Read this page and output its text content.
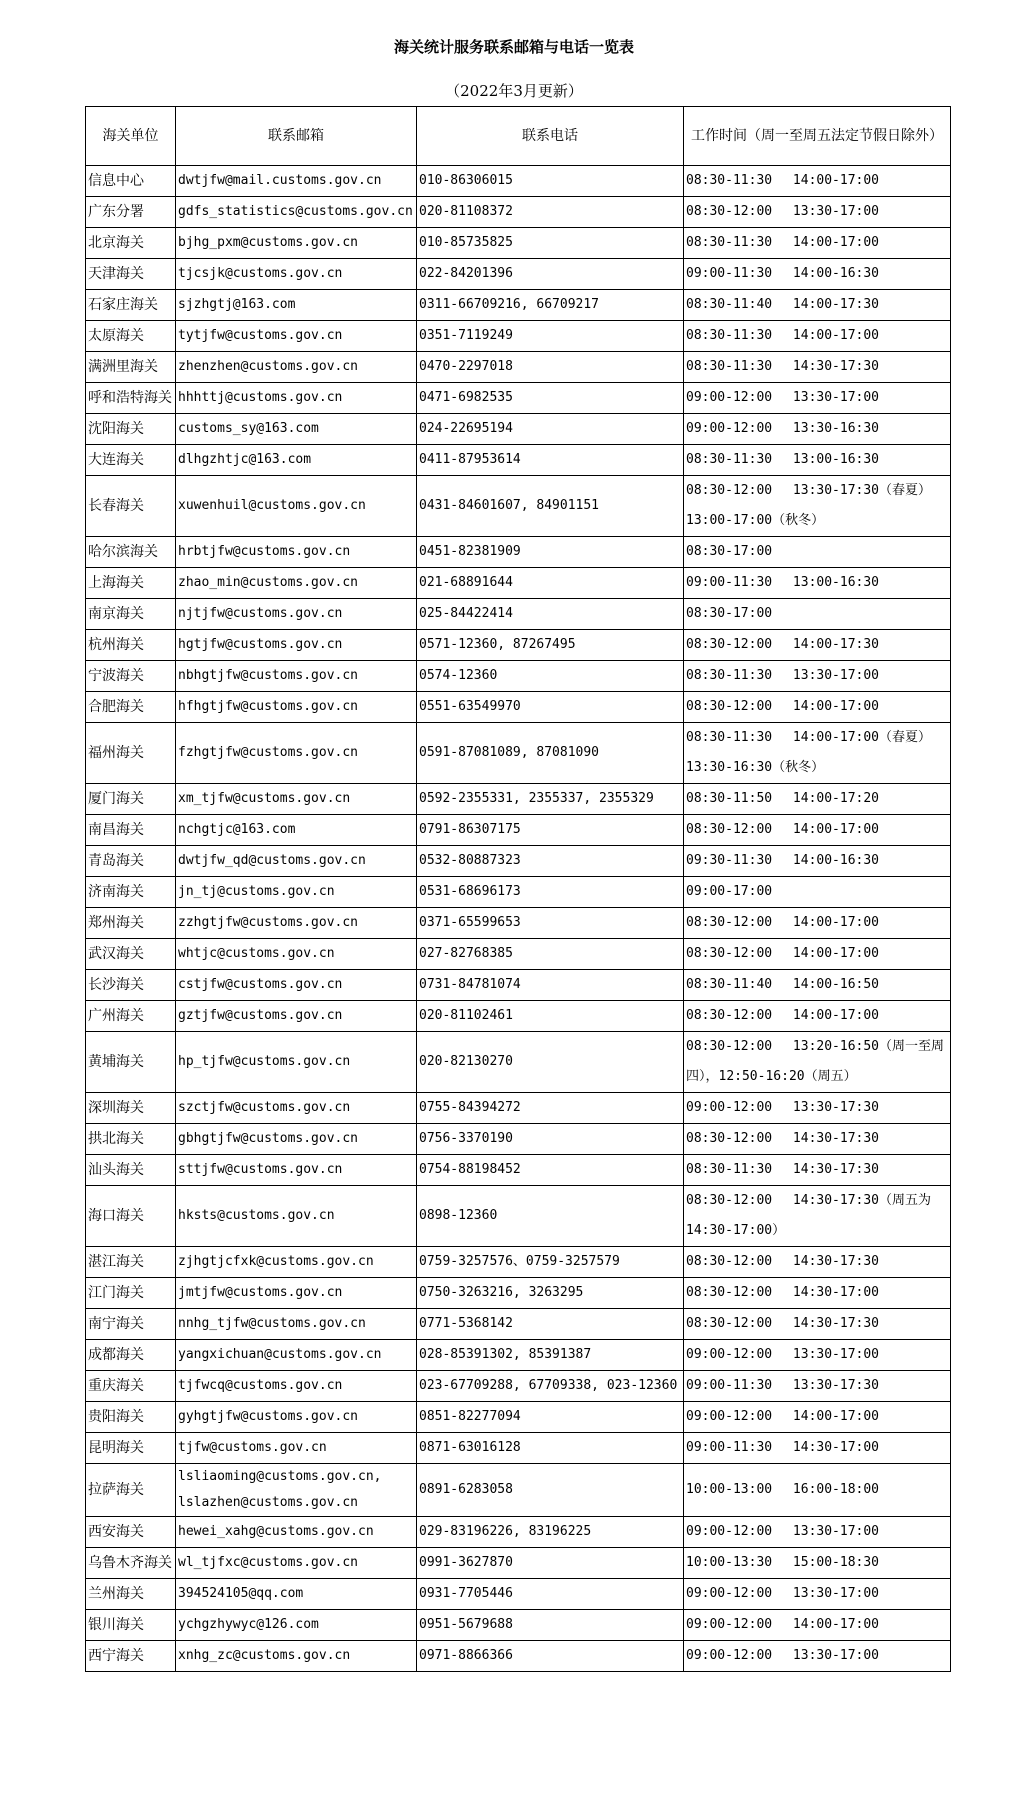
海关统计服务联系邮箱与电话一览表
（2022年3月更新）
海关单位	联系邮箱	联系电话	工作时间（周一至周五法定节假日除外）
信息中心	dwtjfw@mail.customs.gov.cn	010-86306015	08:30-11:30　 14:00-17:00
广东分署	gdfs_statistics@customs.gov.cn	020-81108372	08:30-12:00　 13:30-17:00
北京海关	bjhg_pxm@customs.gov.cn	010-85735825	08:30-11:30　 14:00-17:00
天津海关	tjcsjk@customs.gov.cn	022-84201396	09:00-11:30　 14:00-16:30
石家庄海关	sjzhgtj@163.com	0311-66709216, 66709217	08:30-11:40　 14:00-17:30
太原海关	tytjfw@customs.gov.cn	0351-7119249	08:30-11:30　 14:00-17:00
满洲里海关	zhenzhen@customs.gov.cn	0470-2297018	08:30-11:30　 14:30-17:30
呼和浩特海关	hhhttj@customs.gov.cn	0471-6982535	09:00-12:00　 13:30-17:00
沈阳海关	customs_sy@163.com	024-22695194	09:00-12:00　 13:30-16:30
大连海关	dlhgzhtjc@163.com	0411-87953614	08:30-11:30　 13:00-16:30
长春海关	xuwenhuil@customs.gov.cn	0431-84601607, 84901151	08:30-12:00　 13:30-17:30（春夏）13:00-17:00（秋冬）
哈尔滨海关	hrbtjfw@customs.gov.cn	0451-82381909	08:30-17:00
上海海关	zhao_min@customs.gov.cn	021-68891644	09:00-11:30　 13:00-16:30
南京海关	njtjfw@customs.gov.cn	025-84422414	08:30-17:00
杭州海关	hgtjfw@customs.gov.cn	0571-12360, 87267495	08:30-12:00　 14:00-17:30
宁波海关	nbhgtjfw@customs.gov.cn	0574-12360	08:30-11:30　 13:30-17:00
合肥海关	hfhgtjfw@customs.gov.cn	0551-63549970	08:30-12:00　 14:00-17:00
福州海关	fzhgtjfw@customs.gov.cn	0591-87081089, 87081090	08:30-11:30　 14:00-17:00（春夏）13:30-16:30（秋冬）
厦门海关	xm_tjfw@customs.gov.cn	0592-2355331, 2355337, 2355329	08:30-11:50　 14:00-17:20
南昌海关	nchgtjc@163.com	0791-86307175	08:30-12:00　 14:00-17:00
青岛海关	dwtjfw_qd@customs.gov.cn	0532-80887323	09:30-11:30　 14:00-16:30
济南海关	jn_tj@customs.gov.cn	0531-68696173	09:00-17:00
郑州海关	zzhgtjfw@customs.gov.cn	0371-65599653	08:30-12:00　 14:00-17:00
武汉海关	whtjc@customs.gov.cn	027-82768385	08:30-12:00　 14:00-17:00
长沙海关	cstjfw@customs.gov.cn	0731-84781074	08:30-11:40　 14:00-16:50
广州海关	gztjfw@customs.gov.cn	020-81102461	08:30-12:00　 14:00-17:00
黄埔海关	hp_tjfw@customs.gov.cn	020-82130270	08:30-12:00　 13:20-16:50（周一至周四），12:50-16:20（周五）
深圳海关	szctjfw@customs.gov.cn	0755-84394272	09:00-12:00　 13:30-17:30
拱北海关	gbhgtjfw@customs.gov.cn	0756-3370190	08:30-12:00　 14:30-17:30
汕头海关	sttjfw@customs.gov.cn	0754-88198452	08:30-11:30　 14:30-17:30
海口海关	hksts@customs.gov.cn	0898-12360	08:30-12:00　 14:30-17:30（周五为14:30-17:00）
湛江海关	zjhgtjcfxk@customs.gov.cn	0759-3257576、0759-3257579	08:30-12:00　 14:30-17:30
江门海关	jmtjfw@customs.gov.cn	0750-3263216, 3263295	08:30-12:00　 14:30-17:00
南宁海关	nnhg_tjfw@customs.gov.cn	0771-5368142	08:30-12:00　 14:30-17:30
成都海关	yangxichuan@customs.gov.cn	028-85391302, 85391387	09:00-12:00　 13:30-17:00
重庆海关	tjfwcq@customs.gov.cn	023-67709288, 67709338, 023-12360	09:00-11:30　 13:30-17:30
贵阳海关	gyhgtjfw@customs.gov.cn	0851-82277094	09:00-12:00　 14:00-17:00
昆明海关	tjfw@customs.gov.cn	0871-63016128	09:00-11:30　 14:30-17:00
拉萨海关	lsliaoming@customs.gov.cn, lslazhen@customs.gov.cn	0891-6283058	10:00-13:00　 16:00-18:00
西安海关	hewei_xahg@customs.gov.cn	029-83196226, 83196225	09:00-12:00　 13:30-17:00
乌鲁木齐海关	wl_tjfxc@customs.gov.cn	0991-3627870	10:00-13:30　 15:00-18:30
兰州海关	394524105@qq.com	0931-7705446	09:00-12:00　 13:30-17:00
银川海关	ychgzhywyc@126.com	0951-5679688	09:00-12:00　 14:00-17:00
西宁海关	xnhg_zc@customs.gov.cn	0971-8866366	09:00-12:00　 13:30-17:00
